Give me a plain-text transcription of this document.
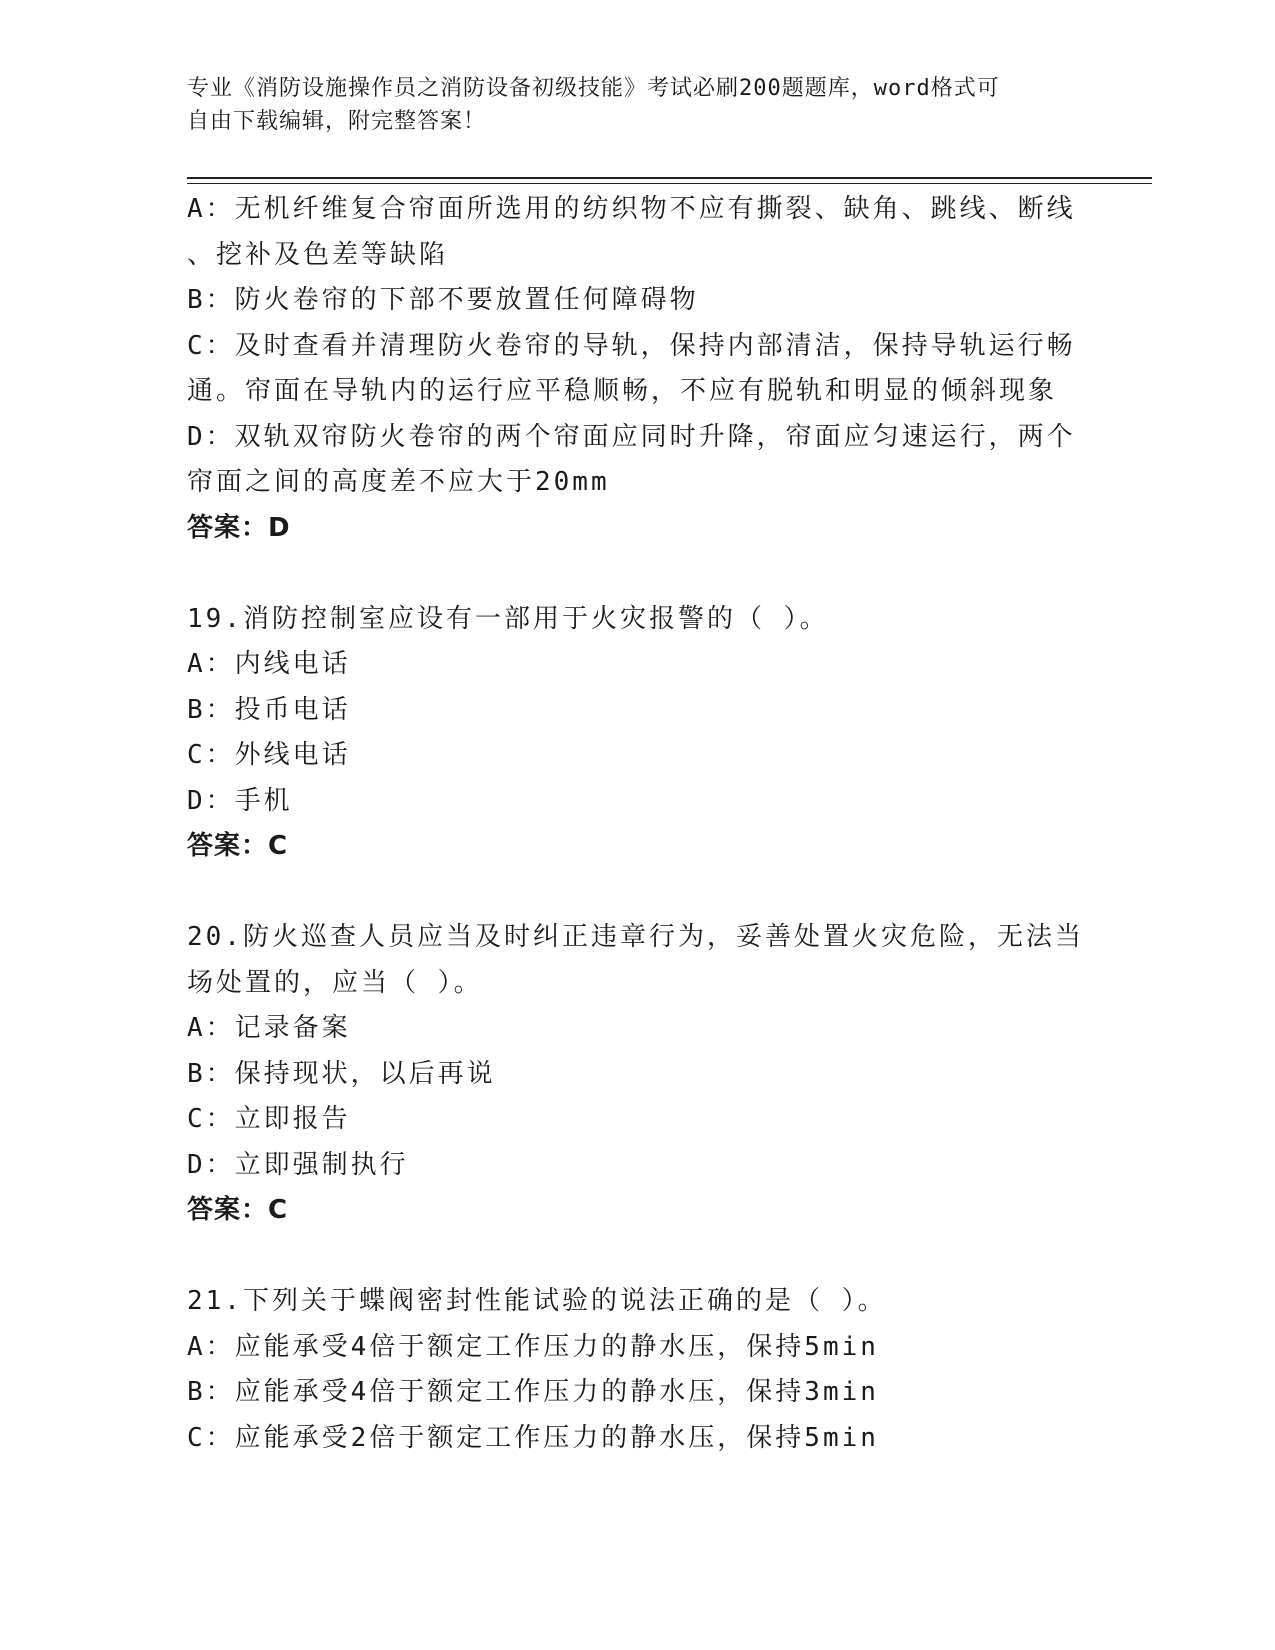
专业《消防设施操作员之消防设备初级技能》考试必刷200题题库，word格式可
自由下载编辑，附完整答案！
A：无机纤维复合帘面所选用的纺织物不应有撕裂、缺角、跳线、断线
、挖补及色差等缺陷
B：防火卷帘的下部不要放置任何障碍物
C：及时查看并清理防火卷帘的导轨，保持内部清洁，保持导轨运行畅
通。帘面在导轨内的运行应平稳顺畅，不应有脱轨和明显的倾斜现象
D：双轨双帘防火卷帘的两个帘面应同时升降，帘面应匀速运行，两个
帘面之间的高度差不应大于20mm
答案：D
19.消防控制室应设有一部用于火灾报警的（ ）。
A：内线电话
B：投币电话
C：外线电话
D：手机
答案：C
20.防火巡查人员应当及时纠正违章行为，妥善处置火灾危险，无法当
场处置的，应当（ ）。
A：记录备案
B：保持现状，以后再说
C：立即报告
D：立即强制执行
答案：C
21.下列关于蝶阀密封性能试验的说法正确的是（ ）。
A：应能承受4倍于额定工作压力的静水压，保持5min
B：应能承受4倍于额定工作压力的静水压，保持3min
C：应能承受2倍于额定工作压力的静水压，保持5min
